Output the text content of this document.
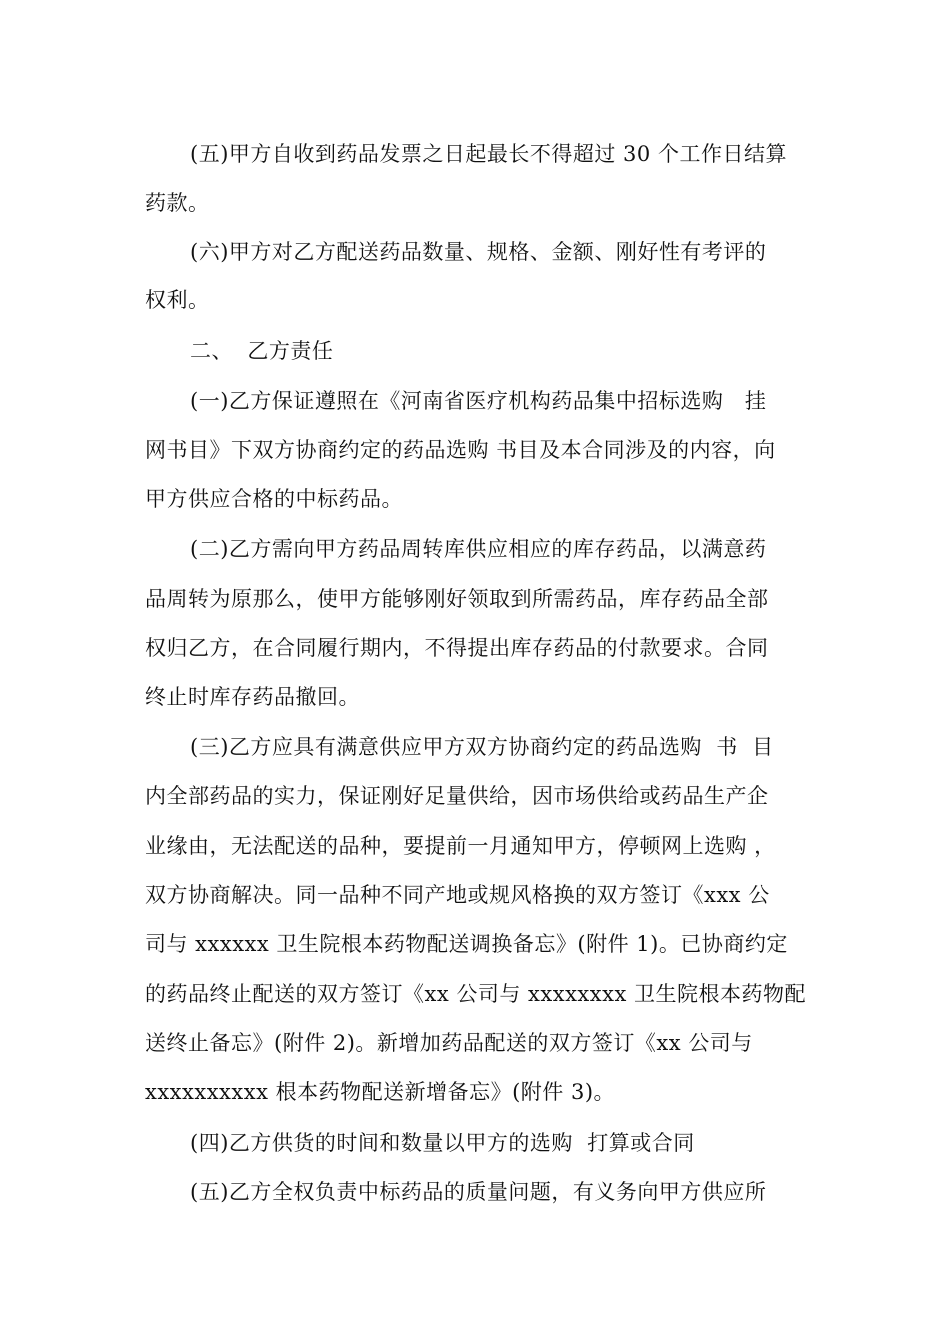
(五)甲方自收到药品发票之日起最长不得超过 30 个工作日结算
药款。
(六)甲方对乙方配送药品数量、规格、金额、刚好性有考评的
权利。
二、  乙方责任
(一)乙方保证遵照在《河南省医疗机构药品集中招标选购   挂
网书目》下双方协商约定的药品选购 书目及本合同涉及的内容，向
甲方供应合格的中标药品。
(二)乙方需向甲方药品周转库供应相应的库存药品，以满意药
品周转为原那么，使甲方能够刚好领取到所需药品，库存药品全部
权归乙方，在合同履行期内，不得提出库存药品的付款要求。合同
终止时库存药品撤回。
(三)乙方应具有满意供应甲方双方协商约定的药品选购  书  目
内全部药品的实力，保证刚好足量供给，因市场供给或药品生产企
业缘由，无法配送的品种，要提前一月通知甲方，停顿网上选购 ，
双方协商解决。同一品种不同产地或规风格换的双方签订《xxx 公
司与 xxxxxx 卫生院根本药物配送调换备忘》(附件 1)。已协商约定
的药品终止配送的双方签订《xx 公司与 xxxxxxxx 卫生院根本药物配
送终止备忘》(附件 2)。新增加药品配送的双方签订《xx 公司与
xxxxxxxxxx 根本药物配送新增备忘》(附件 3)。
(四)乙方供货的时间和数量以甲方的选购  打算或合同
(五)乙方全权负责中标药品的质量问题，有义务向甲方供应所
